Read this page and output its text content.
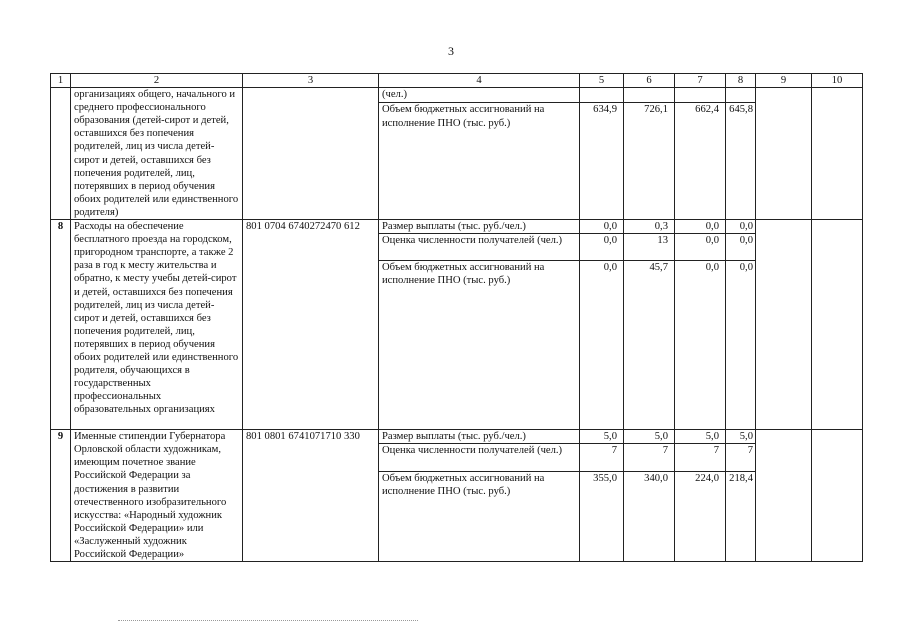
3
1	2	3	4	5	6	7	8	9	10
	организациях общего, начального и среднего профессионального образования (детей-сирот и детей, оставшихся без попечения родителей, лиц из числа детей-сирот и детей, оставшихся без попечения родителей, лиц, потерявших в период обучения обоих родителей или единственного родителя)		(чел.)						
			Объем бюджетных ассигнований на исполнение ПНО (тыс. руб.)	634,9	726,1	662,4	645,8		
8	Расходы на обеспечение бесплатного проезда на городском, пригородном транспорте, а также 2 раза в год к месту жительства и обратно, к месту учебы детей-сирот и детей, оставшихся без попечения родителей, лиц из числа детей-сирот и детей, оставшихся без попечения родителей, лиц, потерявших в период обучения обоих родителей или единственного родителя, обучающихся в государственных профессиональных образовательных организациях	801 0704 6740272470 612	Размер выплаты (тыс. руб./чел.)	0,0	0,3	0,0	0,0		
			Оценка численности получателей (чел.)	0,0	13	0,0	0,0		
			Объем бюджетных ассигнований на исполнение ПНО (тыс. руб.)	0,0	45,7	0,0	0,0		
9	Именные стипендии Губернатора Орловской области художникам, имеющим почетное звание Российской Федерации за достижения в развитии отечественного изобразительного искусства: «Народный художник Российской Федерации» или «Заслуженный художник Российской Федерации»	801 0801 6741071710 330	Размер выплаты (тыс. руб./чел.)	5,0	5,0	5,0	5,0		
			Оценка численности получателей (чел.)	7	7	7	7		
			Объем бюджетных ассигнований на исполнение ПНО (тыс. руб.)	355,0	340,0	224,0	218,4		
